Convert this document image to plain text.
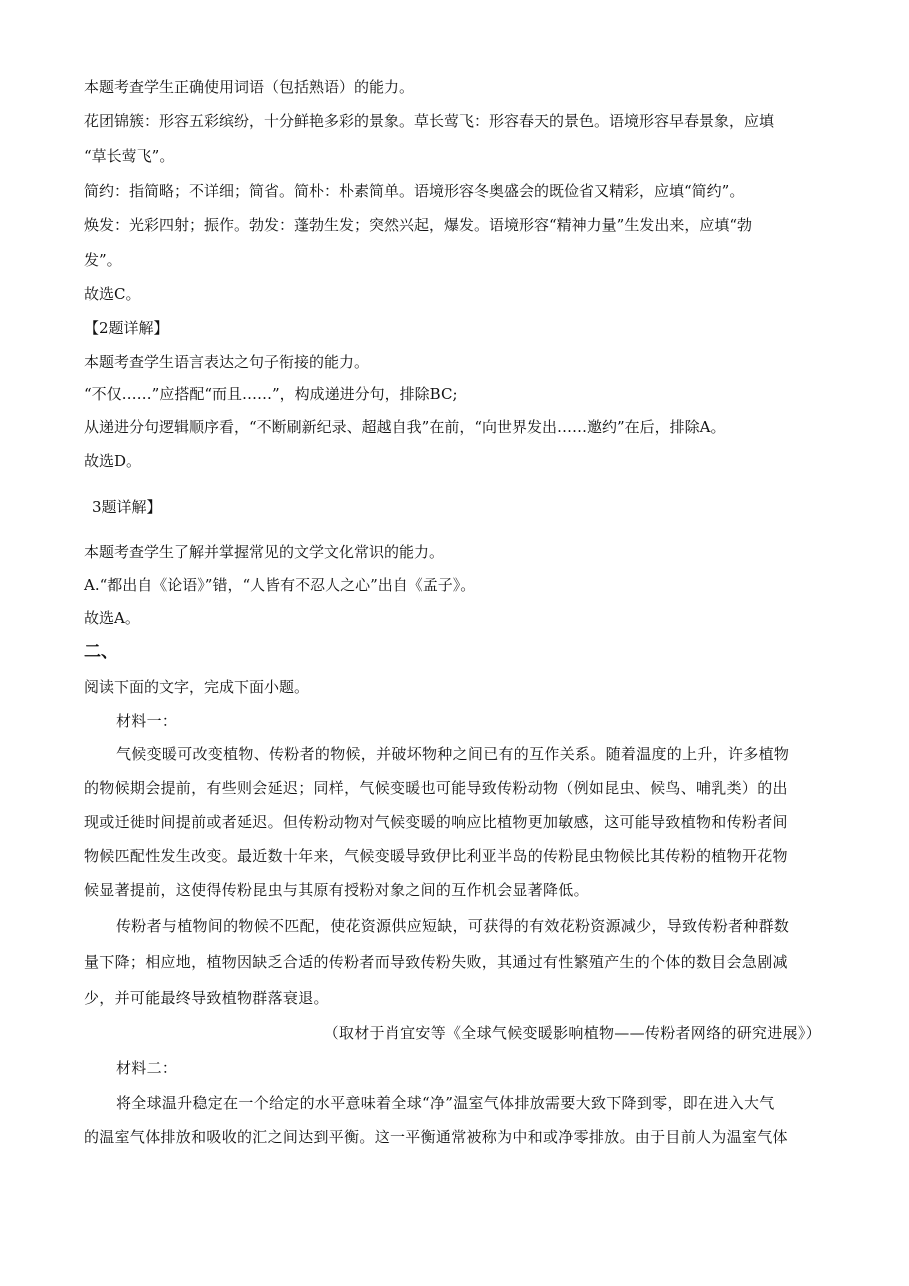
本题考查学生正确使用词语（包括熟语）的能力。
花团锦簇：形容五彩缤纷，十分鲜艳多彩的景象。草长莺飞：形容春天的景色。语境形容早春景象，应填
“草长莺飞”。
简约：指简略；不详细；简省。简朴：朴素简单。语境形容冬奥盛会的既俭省又精彩，应填“简约”。
焕发：光彩四射；振作。勃发：蓬勃生发；突然兴起，爆发。语境形容“精神力量”生发出来，应填“勃
发”。
故选C。
【2题详解】
本题考查学生语言表达之句子衔接的能力。
“不仅……”应搭配“而且……”，构成递进分句，排除BC;
从递进分句逻辑顺序看，“不断刷新纪录、超越自我”在前，“向世界发出……邀约”在后，排除A。
故选D。
3题详解】
本题考查学生了解并掌握常见的文学文化常识的能力。
A.“都出自《论语》”错，“人皆有不忍人之心”出自《孟子》。
故选A。
二、
阅读下面的文字，完成下面小题。
材料一：
气候变暖可改变植物、传粉者的物候，并破坏物种之间已有的互作关系。随着温度的上升，许多植物
的物候期会提前，有些则会延迟；同样，气候变暖也可能导致传粉动物（例如昆虫、候鸟、哺乳类）的出
现或迁徙时间提前或者延迟。但传粉动物对气候变暖的响应比植物更加敏感，这可能导致植物和传粉者间
物候匹配性发生改变。最近数十年来，气候变暖导致伊比利亚半岛的传粉昆虫物候比其传粉的植物开花物
候显著提前，这使得传粉昆虫与其原有授粉对象之间的互作机会显著降低。
传粉者与植物间的物候不匹配，使花资源供应短缺，可获得的有效花粉资源减少，导致传粉者种群数
量下降；相应地，植物因缺乏合适的传粉者而导致传粉失败，其通过有性繁殖产生的个体的数目会急剧减
少，并可能最终导致植物群落衰退。
（取材于肖宜安等《全球气候变暖影响植物——传粉者网络的研究进展》）
材料二：
将全球温升稳定在一个给定的水平意味着全球“净”温室气体排放需要大致下降到零，即在进入大气
的温室气体排放和吸收的汇之间达到平衡。这一平衡通常被称为中和或净零排放。由于目前人为温室气体
